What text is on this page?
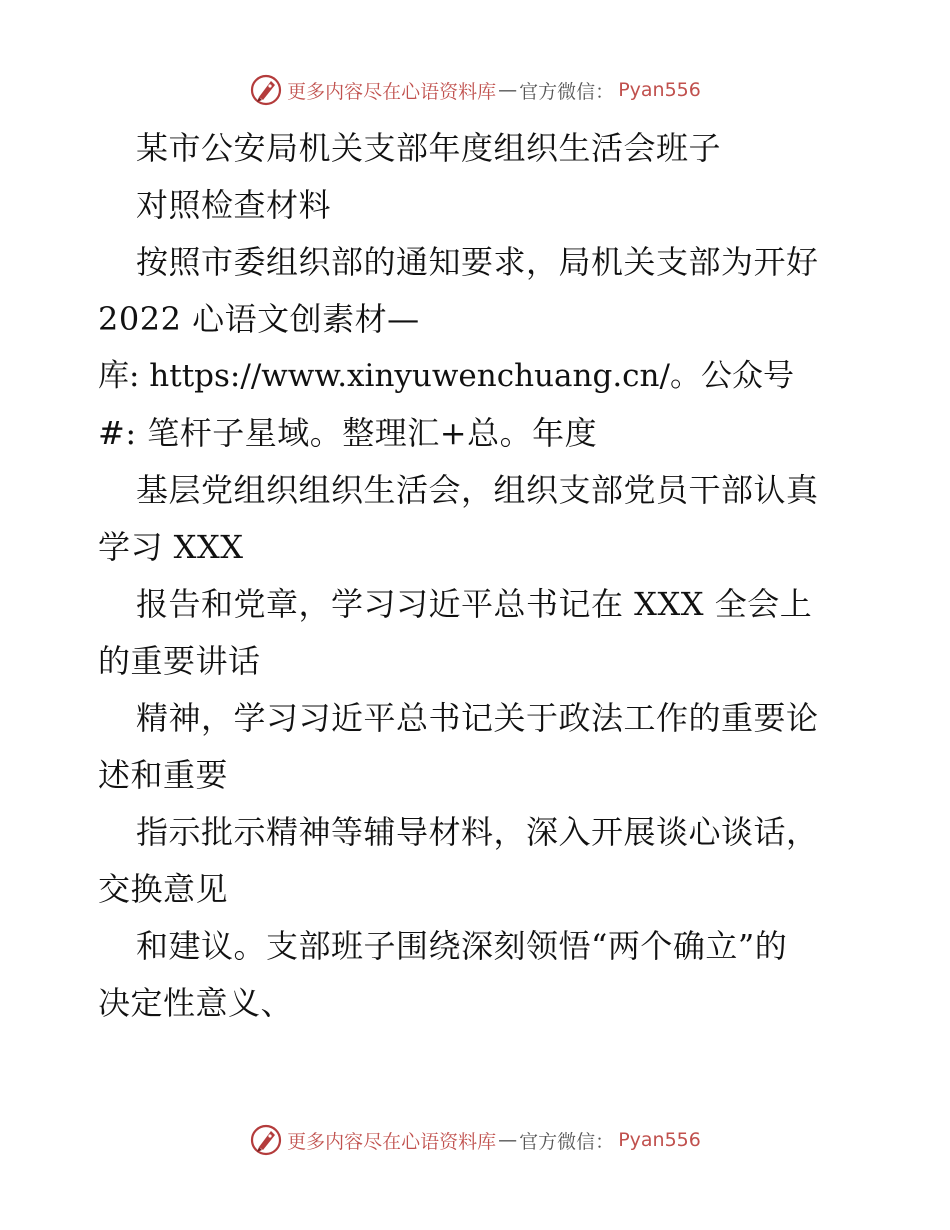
更多内容尽在心语资料库 — 官方微信 ： Pyan556
某市公安局机关支部年度组织生活会班子
对照检查材料
按照市委组织部的通知要求，局机关支部为开好
2022 心语文创素材—
库: https://www.xinyuwenchuang.cn/。公众号
#: 笔杆子星域。整理汇+总。年度
基层党组织组织生活会，组织支部党员干部认真
学习 XXX
报告和党章，学习习近平总书记在 XXX 全会上
的重要讲话
精神，学习习近平总书记关于政法工作的重要论
述和重要
指示批示精神等辅导材料，深入开展谈心谈话，
交换意见
和建议。支部班子围绕深刻领悟“两个确立”的
决定性意义、
更多内容尽在心语资料库 — 官方微信 ： Pyan556
